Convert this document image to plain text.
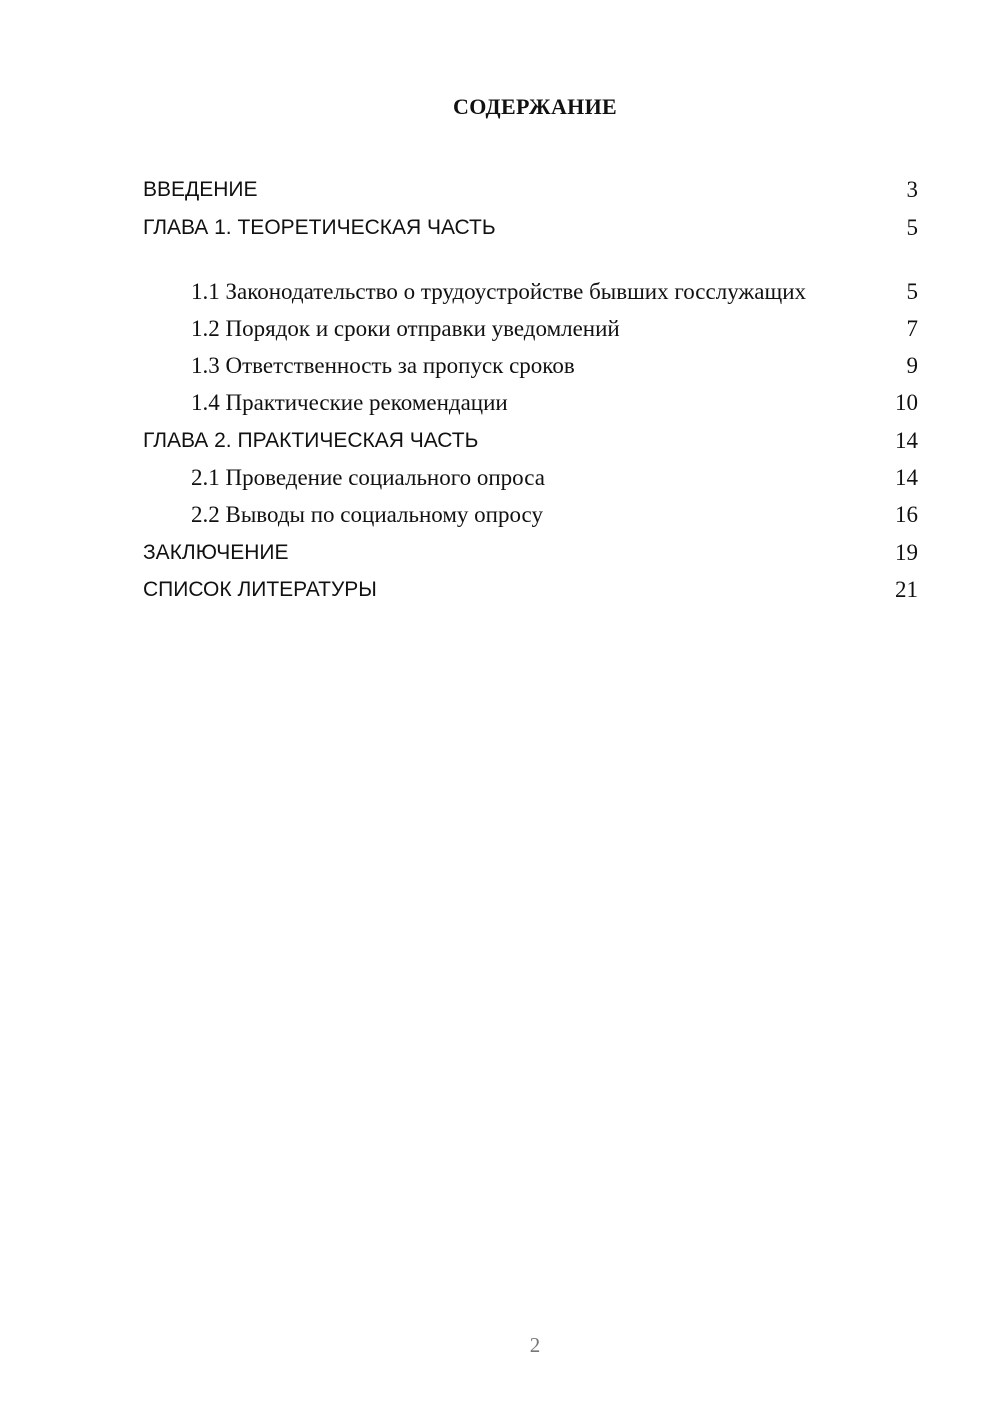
СОДЕРЖАНИЕ
ВВЕДЕНИЕ	3
ГЛАВА 1. ТЕОРЕТИЧЕСКАЯ ЧАСТЬ	5
1.1 Законодательство о трудоустройстве бывших госслужащих	5
1.2 Порядок и сроки отправки уведомлений	7
1.3 Ответственность за пропуск сроков	9
1.4 Практические рекомендации	10
ГЛАВА 2. ПРАКТИЧЕСКАЯ ЧАСТЬ	14
2.1 Проведение социального опроса	14
2.2 Выводы по социальному опросу	16
ЗАКЛЮЧЕНИЕ	19
СПИСОК ЛИТЕРАТУРЫ	21
2
